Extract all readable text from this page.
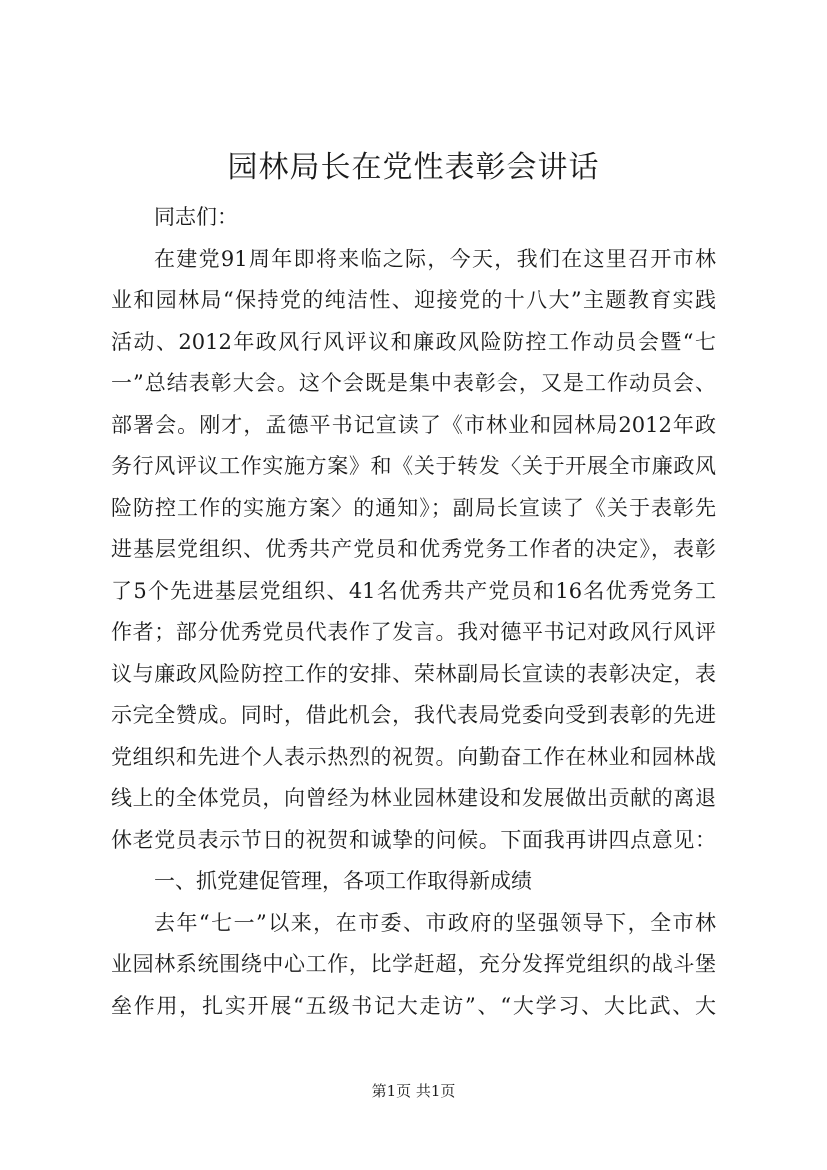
园林局长在党性表彰会讲话
同志们：
在建党91周年即将来临之际，今天，我们在这里召开市林
业和园林局“保持党的纯洁性、迎接党的十八大”主题教育实践
活动、2012年政风行风评议和廉政风险防控工作动员会暨“七
一”总结表彰大会。这个会既是集中表彰会，又是工作动员会、
部署会。刚才，孟德平书记宣读了《市林业和园林局2012年政
务行风评议工作实施方案》和《关于转发〈关于开展全市廉政风
险防控工作的实施方案〉的通知》；副局长宣读了《关于表彰先
进基层党组织、优秀共产党员和优秀党务工作者的决定》，表彰
了5个先进基层党组织、41名优秀共产党员和16名优秀党务工
作者；部分优秀党员代表作了发言。我对德平书记对政风行风评
议与廉政风险防控工作的安排、荣林副局长宣读的表彰决定，表
示完全赞成。同时，借此机会，我代表局党委向受到表彰的先进
党组织和先进个人表示热烈的祝贺。向勤奋工作在林业和园林战
线上的全体党员，向曾经为林业园林建设和发展做出贡献的离退
休老党员表示节日的祝贺和诚挚的问候。下面我再讲四点意见：
一、抓党建促管理，各项工作取得新成绩
去年“七一”以来，在市委、市政府的坚强领导下，全市林
业园林系统围绕中心工作，比学赶超，充分发挥党组织的战斗堡
垒作用，扎实开展“五级书记大走访”、“大学习、大比武、大
第1页 共1页
